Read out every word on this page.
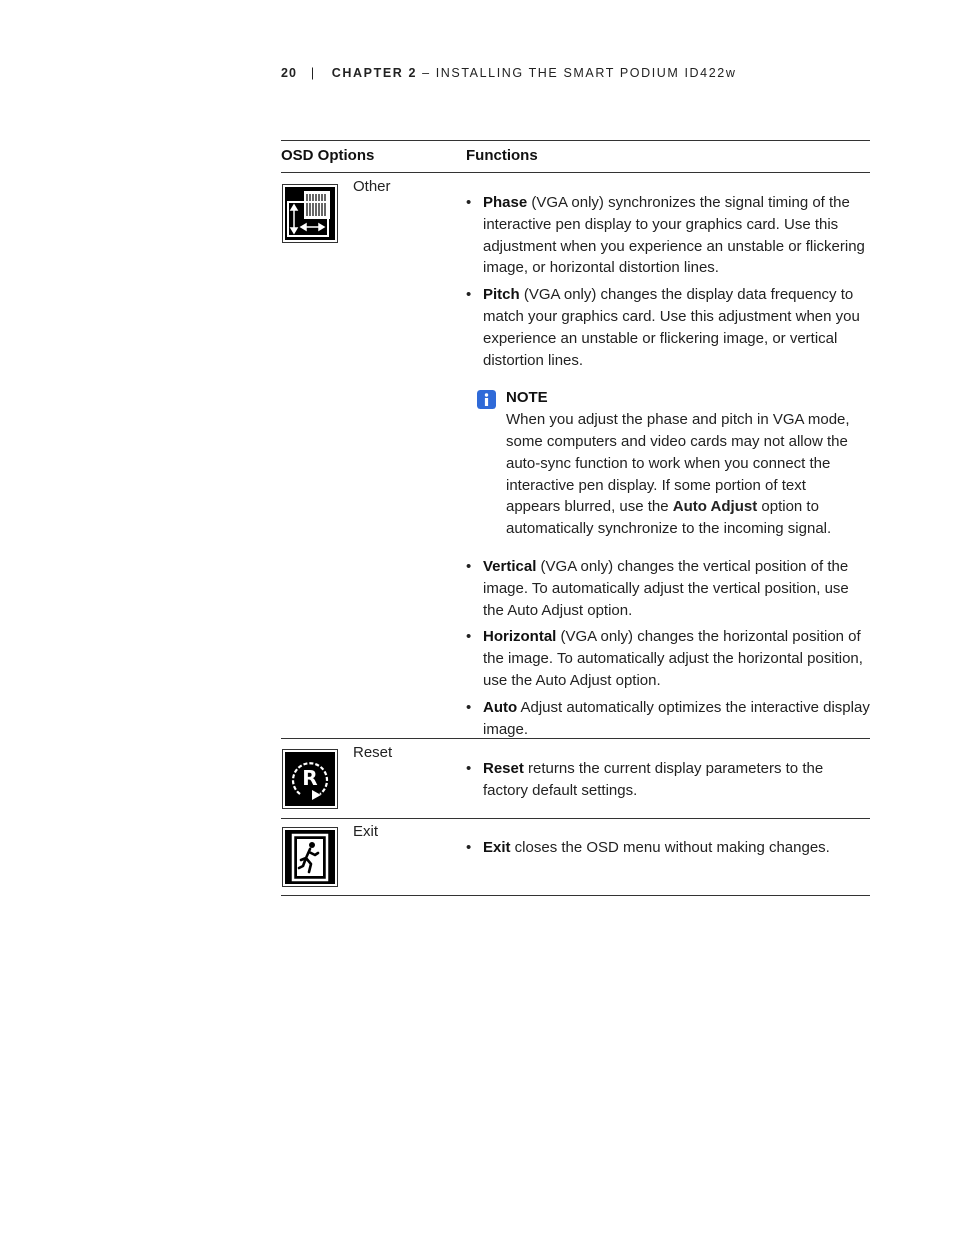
20 | CHAPTER 2 – INSTALLING THE SMART PODIUM ID422w
OSD Options	Functions
Other
• Phase (VGA only) synchronizes the signal timing of the interactive pen display to your graphics card. Use this adjustment when you experience an unstable or flickering image, or horizontal distortion lines.
• Pitch (VGA only) changes the display data frequency to match your graphics card. Use this adjustment when you experience an unstable or flickering image, or vertical distortion lines.
NOTE
When you adjust the phase and pitch in VGA mode, some computers and video cards may not allow the auto-sync function to work when you connect the interactive pen display. If some portion of text appears blurred, use the Auto Adjust option to automatically synchronize to the incoming signal.
• Vertical (VGA only) changes the vertical position of the image. To automatically adjust the vertical position, use the Auto Adjust option.
• Horizontal (VGA only) changes the horizontal position of the image. To automatically adjust the horizontal position, use the Auto Adjust option.
• Auto Adjust automatically optimizes the interactive display image.
R
Reset
• Reset returns the current display parameters to the factory default settings.
Exit
• Exit closes the OSD menu without making changes.
